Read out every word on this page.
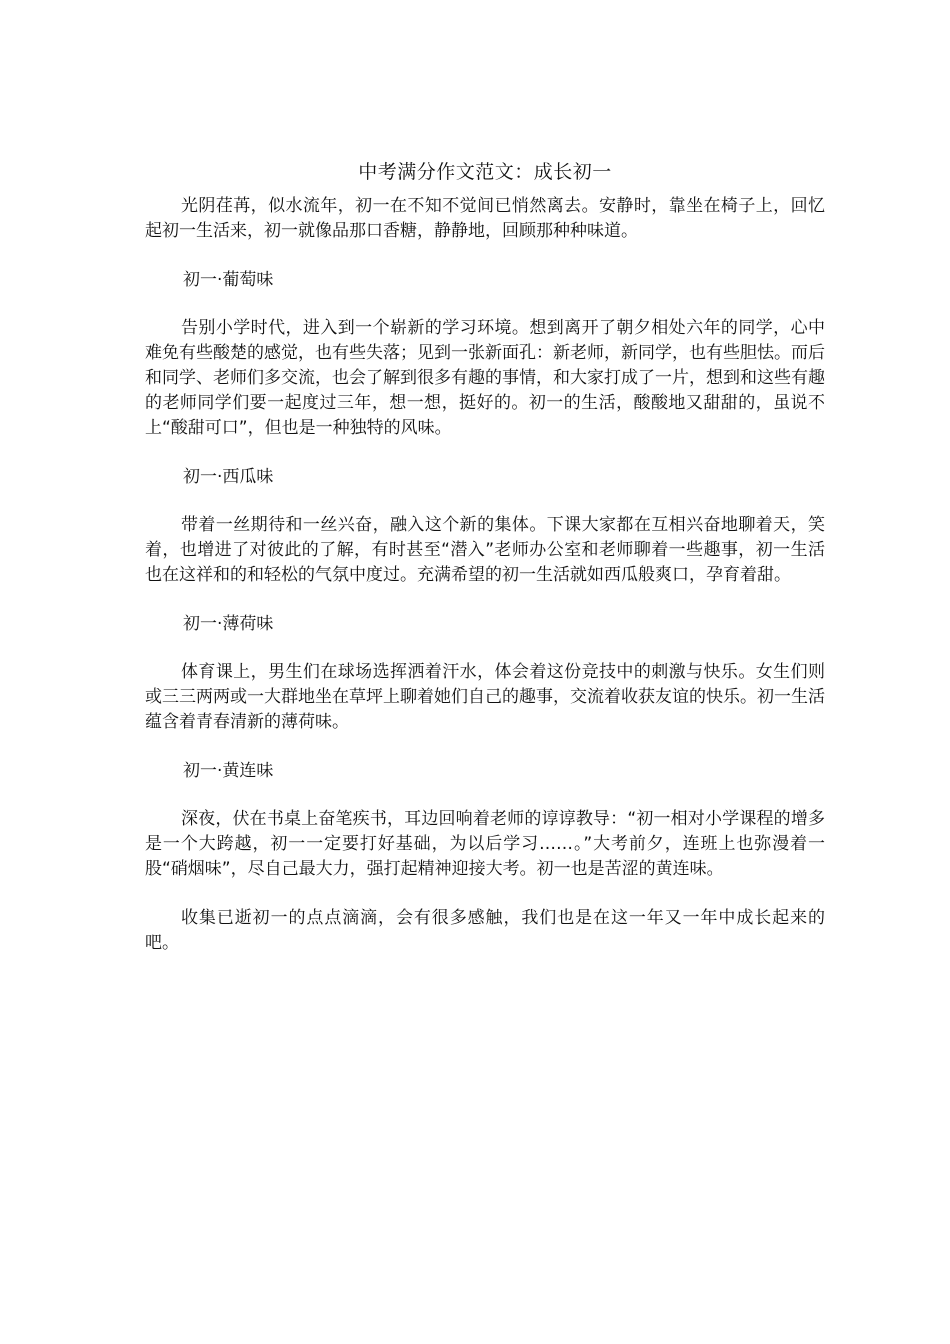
中考满分作文范文：成长初一

光阴荏苒，似水流年，初一在不知不觉间已悄然离去。安静时，靠坐在椅子上，回忆起初一生活来，初一就像品那口香糖，静静地，回顾那种种味道。

初一·葡萄味

告别小学时代，进入到一个崭新的学习环境。想到离开了朝夕相处六年的同学，心中难免有些酸楚的感觉，也有些失落；见到一张新面孔：新老师，新同学，也有些胆怯。而后和同学、老师们多交流，也会了解到很多有趣的事情，和大家打成了一片，想到和这些有趣的老师同学们要一起度过三年，想一想，挺好的。初一的生活，酸酸地又甜甜的，虽说不上“酸甜可口”，但也是一种独特的风味。

初一·西瓜味

带着一丝期待和一丝兴奋，融入这个新的集体。下课大家都在互相兴奋地聊着天，笑着，也增进了对彼此的了解，有时甚至“潜入”老师办公室和老师聊着一些趣事，初一生活也在这祥和的和轻松的气氛中度过。充满希望的初一生活就如西瓜般爽口，孕育着甜。

初一·薄荷味

体育课上，男生们在球场选挥洒着汗水，体会着这份竞技中的刺激与快乐。女生们则或三三两两或一大群地坐在草坪上聊着她们自己的趣事，交流着收获友谊的快乐。初一生活蕴含着青春清新的薄荷味。

初一·黄连味

深夜，伏在书桌上奋笔疾书，耳边回响着老师的谆谆教导：“初一相对小学课程的增多是一个大跨越，初一一定要打好基础，为以后学习……。”大考前夕，连班上也弥漫着一股“硝烟味”，尽自己最大力，强打起精神迎接大考。初一也是苦涩的黄连味。

收集已逝初一的点点滴滴，会有很多感触，我们也是在这一年又一年中成长起来的吧。
